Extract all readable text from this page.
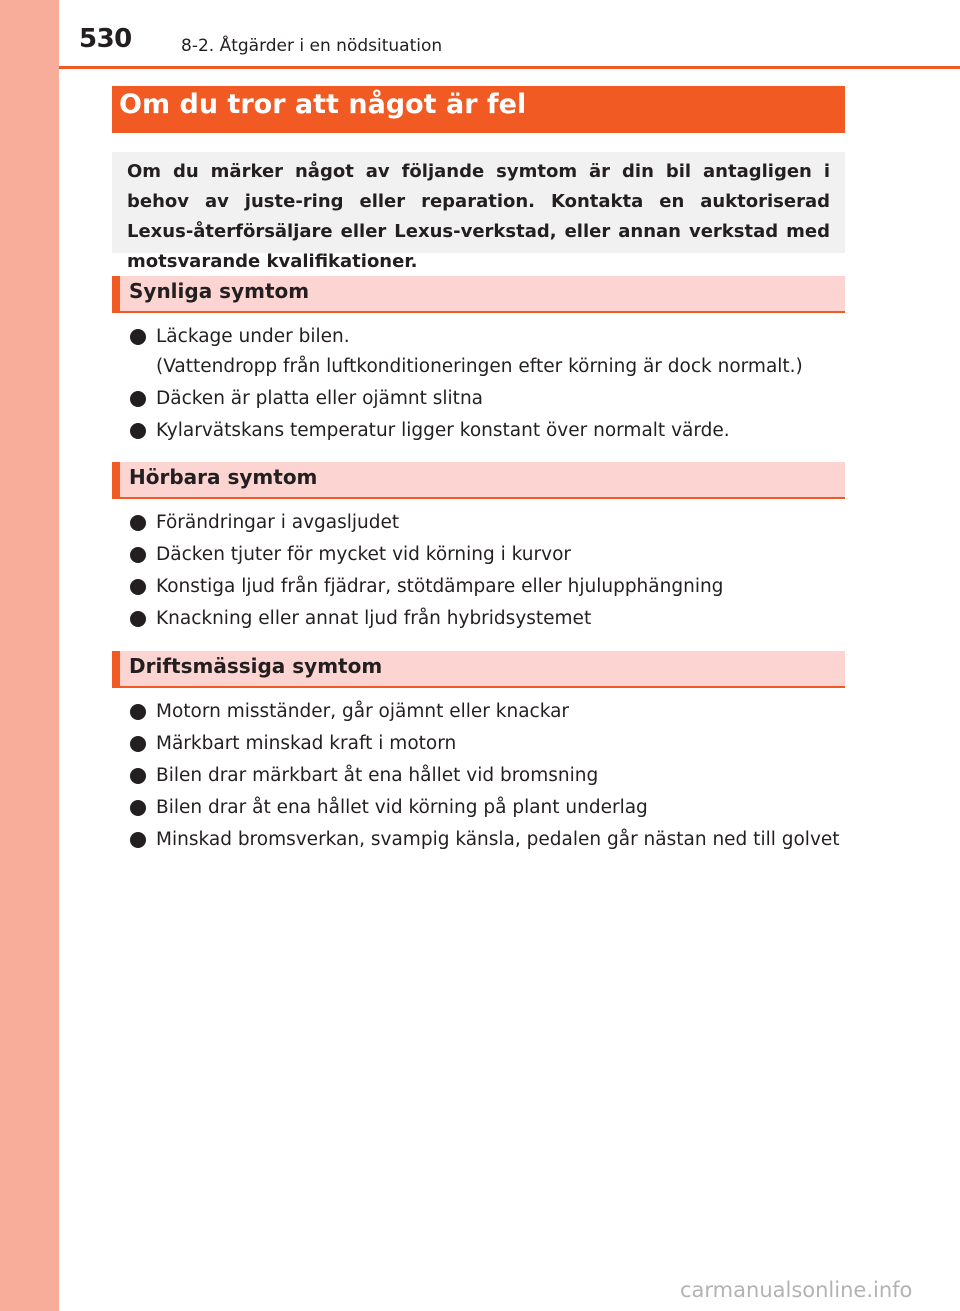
530	8-2. Åtgärder i en nödsituation
Om du tror att något är fel

Om du märker något av följande symtom är din bil antagligen i behov av juste-ring eller reparation. Kontakta en auktoriserad Lexus-återförsäljare eller Lexus-verkstad, eller annan verkstad med motsvarande kvalifikationer.

Synliga symtom
Läckage under bilen.
(Vattendropp från luftkonditioneringen efter körning är dock normalt.)
Däcken är platta eller ojämnt slitna
Kylarvätskans temperatur ligger konstant över normalt värde.
Hörbara symtom
Förändringar i avgasljudet
Däcken tjuter för mycket vid körning i kurvor
Konstiga ljud från fjädrar, stötdämpare eller hjulupphängning
Knackning eller annat ljud från hybridsystemet
Driftsmässiga symtom
Motorn misständer, går ojämnt eller knackar
Märkbart minskad kraft i motorn
Bilen drar märkbart åt ena hållet vid bromsning
Bilen drar åt ena hållet vid körning på plant underlag
Minskad bromsverkan, svampig känsla, pedalen går nästan ned till golvet
carmanualsonline.info
